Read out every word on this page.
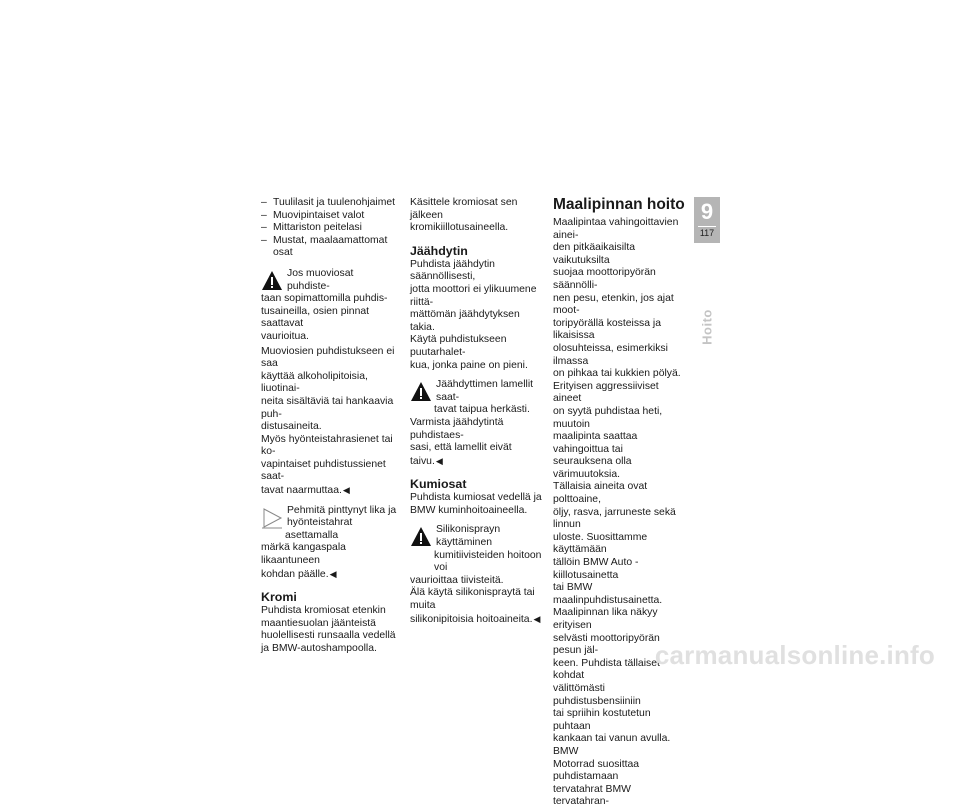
– Tuulilasit ja tuulenohjaimet
– Muovipintaiset valot
– Mittariston peitelasi
– Mustat, maalaamattomat osat
Jos muoviosat puhdiste-
taan sopimattomilla puhdis-
tusaineilla, osien pinnat saattavat
vaurioitua.
Muoviosien puhdistukseen ei saa
käyttää alkoholipitoisia, liuotinai-
neita sisältäviä tai hankaavia puh-
distusaineita.
Myös hyönteistahrasienet tai ko-
vapintaiset puhdistussienet saat-
tavat naarmuttaa.◀
Pehmitä pinttynyt lika ja
hyönteistahrat asettamalla
märkä kangaspala likaantuneen
kohdan päälle.◀
Kromi
Puhdista kromiosat etenkin
maantiesuolan jäänteistä
huolellisesti runsaalla vedellä
ja BMW-autoshampoolla.
Käsittele kromiosat sen jälkeen
kromikiillotusaineella.
Jäähdytin
Puhdista jäähdytin säännöllisesti,
jotta moottori ei ylikuumene riittä-
mättömän jäähdytyksen takia.
Käytä puhdistukseen puutarhalet-
kua, jonka paine on pieni.
Jäähdyttimen lamellit saat-
tavat taipua herkästi.
Varmista jäähdytintä puhdistaes-
sasi, että lamellit eivät taivu.◀
Kumiosat
Puhdista kumiosat vedellä ja
BMW kuminhoitoaineella.
Silikonisprayn käyttäminen
kumitiivisteiden hoitoon voi
vaurioittaa tiivisteitä.
Älä käytä silikonispraytä tai muita
silikonipitoisia hoitoaineita.◀
Maalipinnan hoito
Maalipintaa vahingoittavien ainei-
den pitkäaikaisilta vaikutuksilta
suojaa moottoripyörän säännölli-
nen pesu, etenkin, jos ajat moot-
toripyörällä kosteissa ja likaisissa
olosuhteissa, esimerkiksi ilmassa
on pihkaa tai kukkien pölyä.
Erityisen aggressiiviset aineet
on syytä puhdistaa heti, muutoin
maalipinta saattaa vahingoittua tai
seurauksena olla värimuutoksia.
Tällaisia aineita ovat polttoaine,
öljy, rasva, jarruneste sekä linnun
uloste. Suosittamme käyttämään
tällöin BMW Auto -kiillotusainetta
tai BMW maalinpuhdistusainetta.
Maalipinnan lika näkyy erityisen
selvästi moottoripyörän pesun jäl-
keen. Puhdista tällaiset kohdat
välittömästi puhdistusbensiiniin
tai spriihin kostutetun puhtaan
kankaan tai vanun avulla. BMW
Motorrad suosittaa puhdistamaan
tervatahrat BMW tervatahran-
9
117
Hoito
carmanualsonline.info
